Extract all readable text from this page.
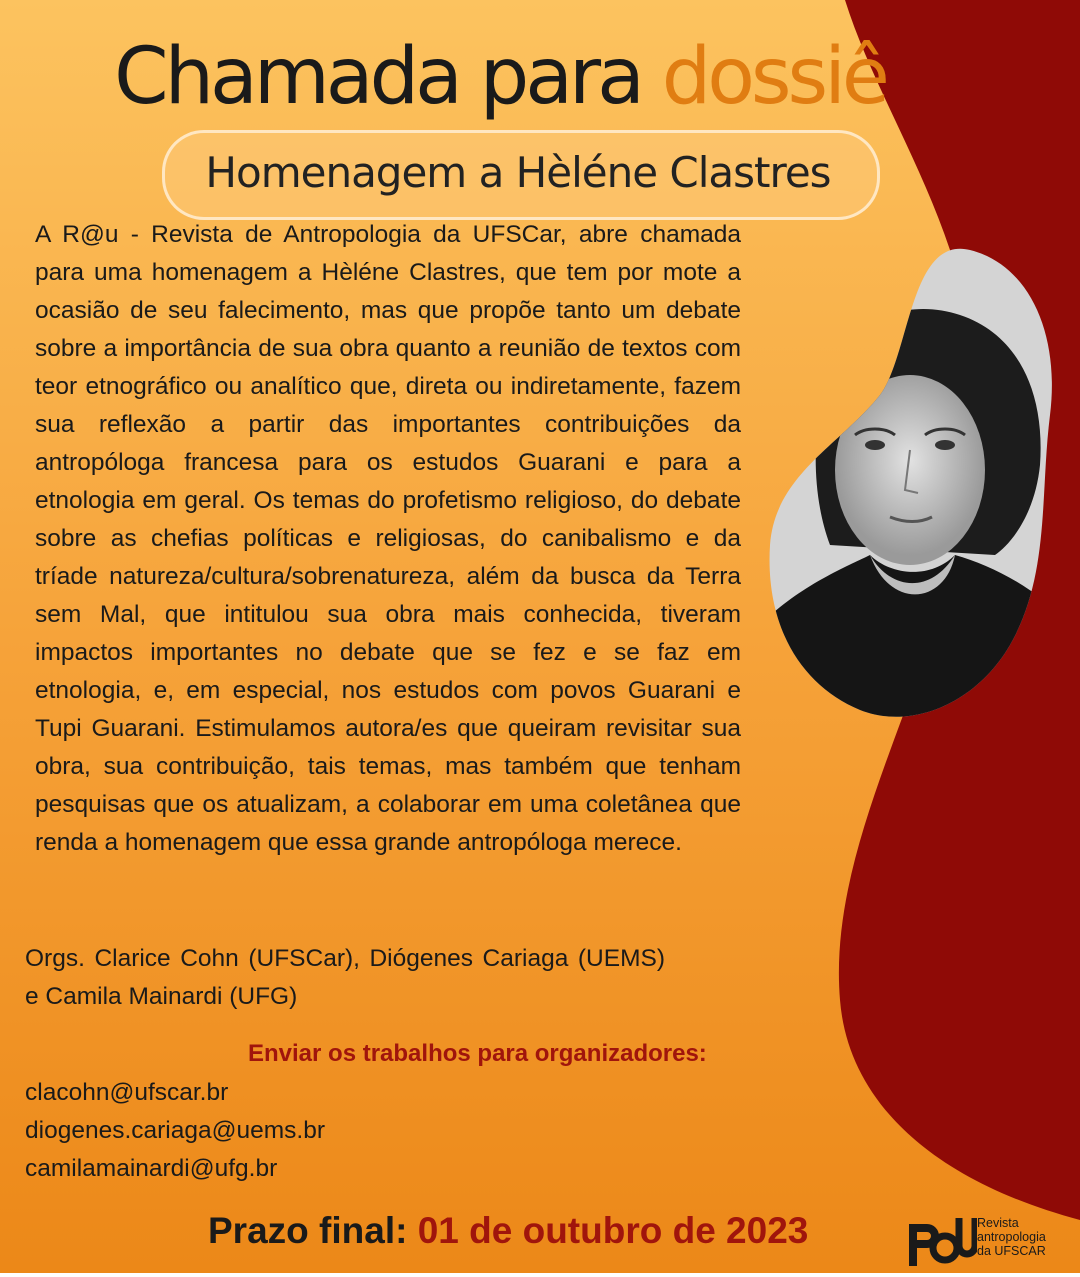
Chamada para dossiê
Homenagem a Hèléne Clastres
A R@u - Revista de Antropologia da UFSCar, abre chamada para uma homenagem a Hèléne Clastres, que tem por mote a ocasião de seu falecimento, mas que propõe tanto um debate sobre a importância de sua obra quanto a reunião de textos com teor etnográfico ou analítico que, direta ou indiretamente, fazem sua reflexão a partir das importantes contribuições da antropóloga francesa para os estudos Guarani e para a etnologia em geral. Os temas do profetismo religioso, do debate sobre as chefias políticas e religiosas, do canibalismo e da tríade natureza/cultura/sobrenatureza, além da busca da Terra sem Mal, que intitulou sua obra mais conhecida, tiveram impactos importantes no debate que se fez e se faz em etnologia, e, em especial, nos estudos com povos Guarani e Tupi Guarani. Estimulamos autora/es que queiram revisitar sua obra, sua contribuição, tais temas, mas também que tenham pesquisas que os atualizam, a colaborar em uma coletânea que renda a homenagem que essa grande antropóloga merece.
Orgs. Clarice Cohn (UFSCar), Diógenes Cariaga (UEMS) e Camila Mainardi (UFG)
Enviar os trabalhos para organizadores:
clacohn@ufscar.br
diogenes.cariaga@uems.br
camilamainardi@ufg.br
Prazo final: 01 de outubro de 2023	Revista
antropologia
da UFSCAR
